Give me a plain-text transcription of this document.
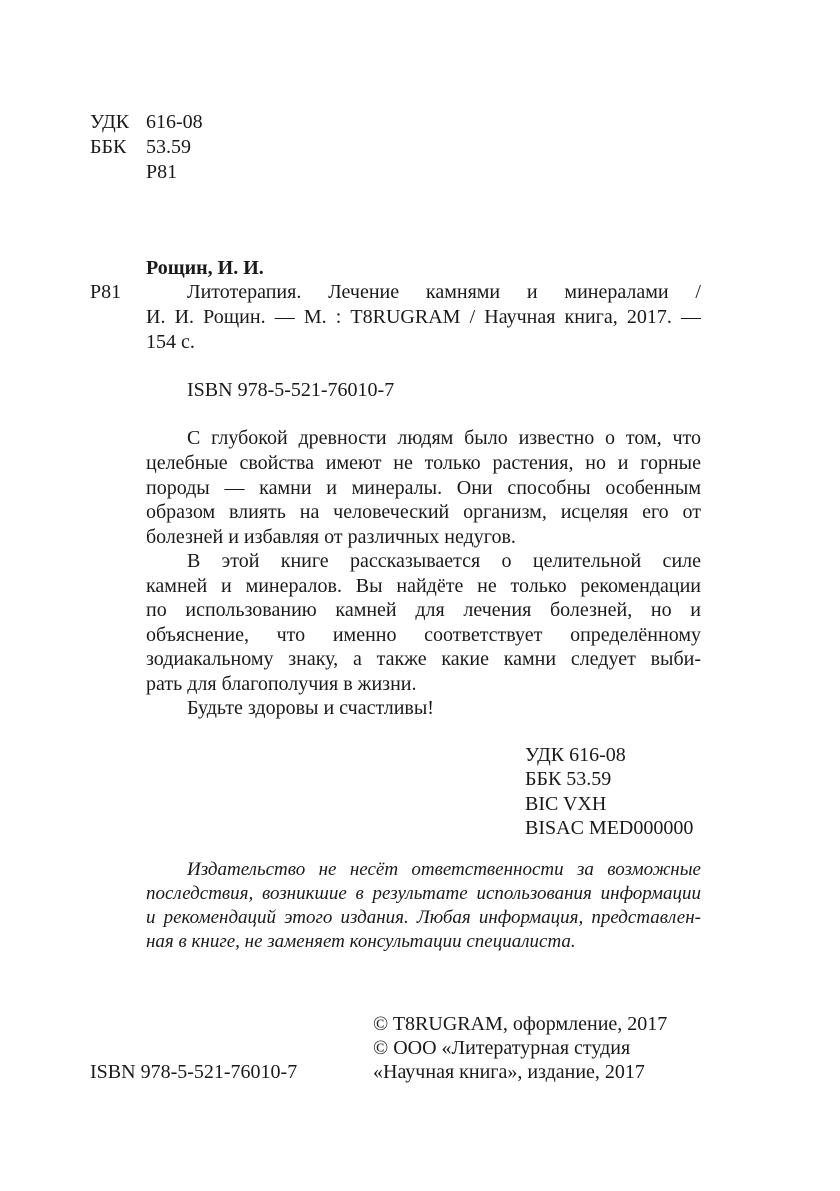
УДК 616-08
ББК 53.59
Р81
Рощин, И. И.
Р81	Литотерапия. Лечение камнями и минералами /
И. И. Рощин. — М. : T8RUGRAM / Научная книга, 2017. —
154 с.
ISBN 978-5-521-76010-7
С глубокой древности людям было известно о том, что
целебные свойства имеют не только растения, но и горные
породы — камни и минералы. Они способны особенным
образом влиять на человеческий организм, исцеляя его от
болезней и избавляя от различных недугов.
В этой книге рассказывается о целительной силе
камней и минералов. Вы найдёте не только рекомендации
по использованию камней для лечения болезней, но и
объяснение, что именно соответствует определённому
зодиакальному знаку, а также какие камни следует выби-
рать для благополучия в жизни.
Будьте здоровы и счастливы!
УДК 616-08
ББК 53.59
BIC VXH
BISAC MED000000
Издательство не несёт ответственности за возможные
последствия, возникшие в результате использования информации
и рекомендаций этого издания. Любая информация, представлен-
ная в книге, не заменяет консультации специалиста.
© T8RUGRAM, оформление, 2017
© ООО «Литературная студия
ISBN 978-5-521-76010-7	«Научная книга», издание, 2017
